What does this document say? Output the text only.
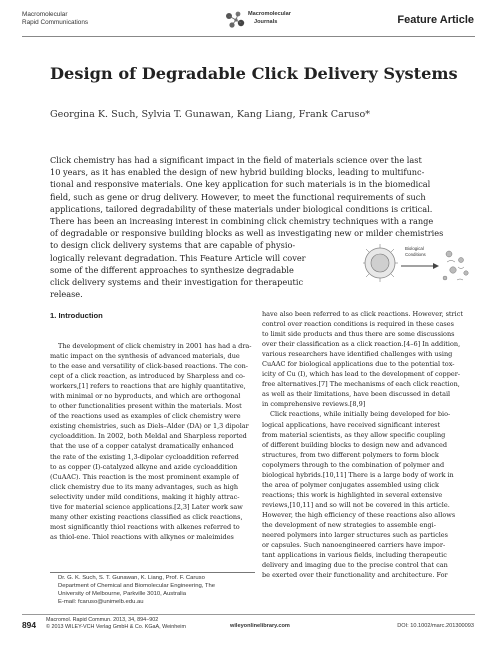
Macromolecular
Rapid Communications
Macromolecular
Journals	Feature Article
Design of Degradable Click Delivery Systems
Georgina K. Such, Sylvia T. Gunawan, Kang Liang, Frank Caruso*
Click chemistry has had a significant impact in the field of materials science over the last
10 years, as it has enabled the design of new hybrid building blocks, leading to multifunc-
tional and responsive materials. One key application for such materials is in the biomedical
field, such as gene or drug delivery. However, to meet the functional requirements of such
applications, tailored degradability of these materials under biological conditions is critical.
There has been an increasing interest in combining click chemistry techniques with a range
of degradable or responsive building blocks as well as investigating new or milder chemistries
to design click delivery systems that are capable of physio-
logically relevant degradation. This Feature Article will cover
some of the different approaches to synthesize degradable
click delivery systems and their investigation for therapeutic
release.
Biological
Conditions
1. Introduction
The development of click chemistry in 2001 has had a dra-
matic impact on the synthesis of advanced materials, due
to the ease and versatility of click-based reactions. The con-
cept of a click reaction, as introduced by Sharpless and co-
workers,[1] refers to reactions that are highly quantitative,
with minimal or no byproducts, and which are orthogonal
to other functionalities present within the materials. Most
of the reactions used as examples of click chemistry were
existing chemistries, such as Diels–Alder (DA) or 1,3 dipolar
cycloaddition. In 2002, both Meldal and Sharpless reported
that the use of a copper catalyst dramatically enhanced
the rate of the existing 1,3-dipolar cycloaddition referred
to as copper (I)-catalyzed alkyne and azide cycloaddition
(CuAAC). This reaction is the most prominent example of
click chemistry due to its many advantages, such as high
selectivity under mild conditions, making it highly attrac-
tive for material science applications.[2,3] Later work saw
many other existing reactions classified as click reactions,
most significantly thiol reactions with alkenes referred to
as thiol-ene. Thiol reactions with alkynes or maleimides
have also been referred to as click reactions. However, strict
control over reaction conditions is required in these cases
to limit side products and thus there are some discussions
over their classification as a click reaction.[4–6] In addition,
various researchers have identified challenges with using
CuAAC for biological applications due to the potential tox-
icity of Cu (I), which has lead to the development of copper-
free alternatives.[7] The mechanisms of each click reaction,
as well as their limitations, have been discussed in detail
in comprehensive reviews.[8,9]
Click reactions, while initially being developed for bio-
logical applications, have received significant interest
from material scientists, as they allow specific coupling
of different building blocks to design new and advanced
structures, from two different polymers to form block
copolymers through to the combination of polymer and
biological hybrids.[10,11] There is a large body of work in
the area of polymer conjugates assembled using click
reactions; this work is highlighted in several extensive
reviews,[10,11] and so will not be covered in this article.
However, the high efficiency of these reactions also allows
the development of new strategies to assemble engi-
neered polymers into larger structures such as particles
or capsules. Such nanoengineered carriers have impor-
tant applications in various fields, including therapeutic
delivery and imaging due to the precise control that can
be exerted over their functionality and architecture. For
Dr. G. K. Such, S. T. Gunawan, K. Liang, Prof. F. Caruso
Department of Chemical and Biomolecular Engineering, The
University of Melbourne, Parkville 3010, Australia
E-mail: fcaruso@unimelb.edu.au
894 Macromol. Rapid Commun. 2013, 34, 894−902
© 2013 WILEY-VCH Verlag GmbH & Co. KGaA, Weinheim	wileyonlinelibrary.com	DOI: 10.1002/marc.201300093
